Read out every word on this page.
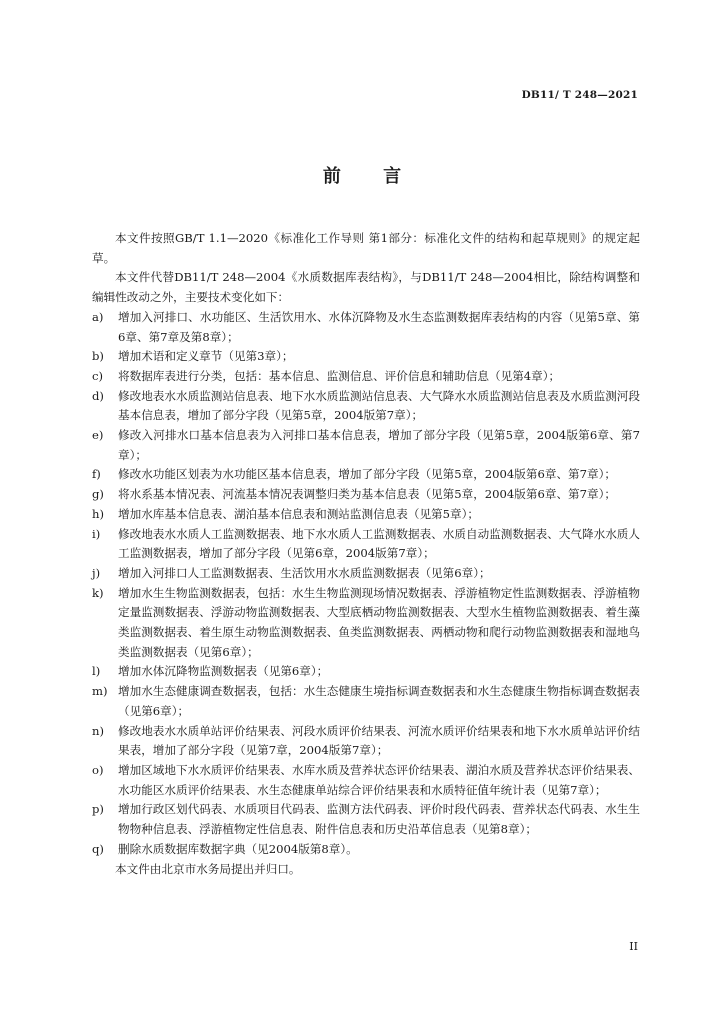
DB11/ T 248—2021
前 言

本文件按照GB/T 1.1—2020《标准化工作导则 第1部分：标准化文件的结构和起草规则》的规定起草。

本文件代替DB11/T 248—2004《水质数据库表结构》，与DB11/T 248—2004相比，除结构调整和编辑性改动之外，主要技术变化如下：

a)	增加入河排口、水功能区、生活饮用水、水体沉降物及水生态监测数据库表结构的内容（见第5章、第6章、第7章及第8章）；
b)	增加术语和定义章节（见第3章）；
c)	将数据库表进行分类，包括：基本信息、监测信息、评价信息和辅助信息（见第4章）；
d)	修改地表水水质监测站信息表、地下水水质监测站信息表、大气降水水质监测站信息表及水质监测河段基本信息表，增加了部分字段（见第5章，2004版第7章）；
e)	修改入河排水口基本信息表为入河排口基本信息表，增加了部分字段（见第5章，2004版第6章、第7章）；
f)	修改水功能区划表为水功能区基本信息表，增加了部分字段（见第5章，2004版第6章、第7章）；
g)	将水系基本情况表、河流基本情况表调整归类为基本信息表（见第5章，2004版第6章、第7章）；
h)	增加水库基本信息表、湖泊基本信息表和测站监测信息表（见第5章）；
i)	修改地表水水质人工监测数据表、地下水水质人工监测数据表、水质自动监测数据表、大气降水水质人工监测数据表，增加了部分字段（见第6章，2004版第7章）；
j)	增加入河排口人工监测数据表、生活饮用水水质监测数据表（见第6章）；
k)	增加水生生物监测数据表，包括：水生生物监测现场情况数据表、浮游植物定性监测数据表、浮游植物定量监测数据表、浮游动物监测数据表、大型底栖动物监测数据表、大型水生植物监测数据表、着生藻类监测数据表、着生原生动物监测数据表、鱼类监测数据表、两栖动物和爬行动物监测数据表和湿地鸟类监测数据表（见第6章）；
l)	增加水体沉降物监测数据表（见第6章）；
m) 增加水生态健康调查数据表，包括：水生态健康生境指标调查数据表和水生态健康生物指标调查数据表（见第6章）；
n)	修改地表水水质单站评价结果表、河段水质评价结果表、河流水质评价结果表和地下水水质单站评价结果表，增加了部分字段（见第7章，2004版第7章）；
o)	增加区域地下水水质评价结果表、水库水质及营养状态评价结果表、湖泊水质及营养状态评价结果表、水功能区水质评价结果表、水生态健康单站综合评价结果表和水质特征值年统计表（见第7章）；
p)	增加行政区划代码表、水质项目代码表、监测方法代码表、评价时段代码表、营养状态代码表、水生生物物种信息表、浮游植物定性信息表、附件信息表和历史沿革信息表（见第8章）；
q)	删除水质数据库数据字典（见2004版第8章）。

本文件由北京市水务局提出并归口。

II
